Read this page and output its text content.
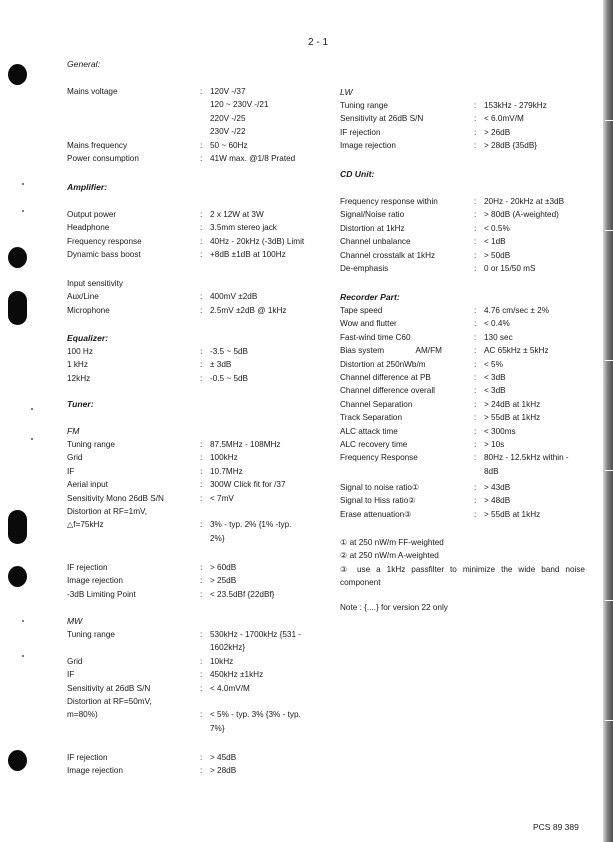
2 - 1

General:

Mains voltage	: 120V -/37
120 ~ 230V -/21
220V -/25
230V -/22
Mains frequency	: 50 ~ 60Hz
Power consumption	: 41W max. @1/8 Prated

Amplifier:

Output power	: 2 x 12W at 3W
Headphone	: 3.5mm stereo jack
Frequency response	: 40Hz - 20kHz (-3dB) Limit
Dynamic bass boost	: +8dB ±1dB at 100Hz
Input sensitivity
Aux/Line	: 400mV ±2dB
Microphone	: 2.5mV ±2dB @ 1kHz

Equalizer:

100 Hz	: -3.5 ~ 5dB
1 kHz	: ± 3dB
12kHz	: -0.5 ~ 5dB

Tuner:

FM

Tuning range	: 87.5MHz - 108MHz
Grid	: 100kHz
IF	: 10.7MHz
Aerial input	: 300W Click fit for /37
Sensitivity Mono 26dB S/N	: < 7mV
Distortion at RF=1mV,
△f=75kHz	: 3% - typ. 2% {1% -typ.
2%}
IF rejection	: > 60dB
Image rejection	: > 25dB
-3dB Limiting Point	: < 23.5dBf {22dBf}

MW

Tuning range	: 530kHz - 1700kHz {531 -
1602kHz}
Grid	: 10kHz
IF	: 450kHz ±1kHz
Sensitivity at 26dB S/N	: < 4.0mV/M
Distortion at RF=50mV,
m=80%)	: < 5% - typ. 3% {3% - typ.
7%}
IF rejection	: > 45dB
Image rejection	: > 28dB

LW

Tuning range	: 153kHz - 279kHz
Sensitivity at 26dB S/N	: < 6.0mV/M
IF rejection	: > 26dB
Image rejection	: > 28dB {35dB}

CD Unit:

Frequency response within	: 20Hz - 20kHz at ±3dB
Signal/Noise ratio	: > 80dB (A-weighted)
Distortion at 1kHz	: < 0.5%
Channel unbalance	: < 1dB
Channel crosstalk at 1kHz	: > 50dB
De-emphasis	: 0 or 15/50 mS

Recorder Part:

Tape speed	: 4.76 cm/sec ± 2%
Wow and flutter	: < 0.4%
Fast-wind time C60	: 130 sec
Bias system              AM/FM	: AC 65kHz ± 5kHz
Distortion at 250nWb/m	: < 5%
Channel difference at PB	: < 3dB
Channel difference overall	: < 3dB
Channel Separation	: > 24dB at 1kHz
Track Separation	: > 55dB at 1kHz
ALC attack time	: < 300ms
ALC recovery time	: > 10s
Frequency Response	: 80Hz - 12.5kHz within -
8dB
Signal to noise ratio①	: > 43dB
Signal to Hiss ratio②	: > 48dB
Erase attenuation③	: > 55dB at 1kHz
① at 250 nW/m FF-weighted
② at 250 nW/m A-weighted
③ use a 1kHz passfilter to minimize the wide band noise component
Note : {....} for version 22 only
PCS 89 389
